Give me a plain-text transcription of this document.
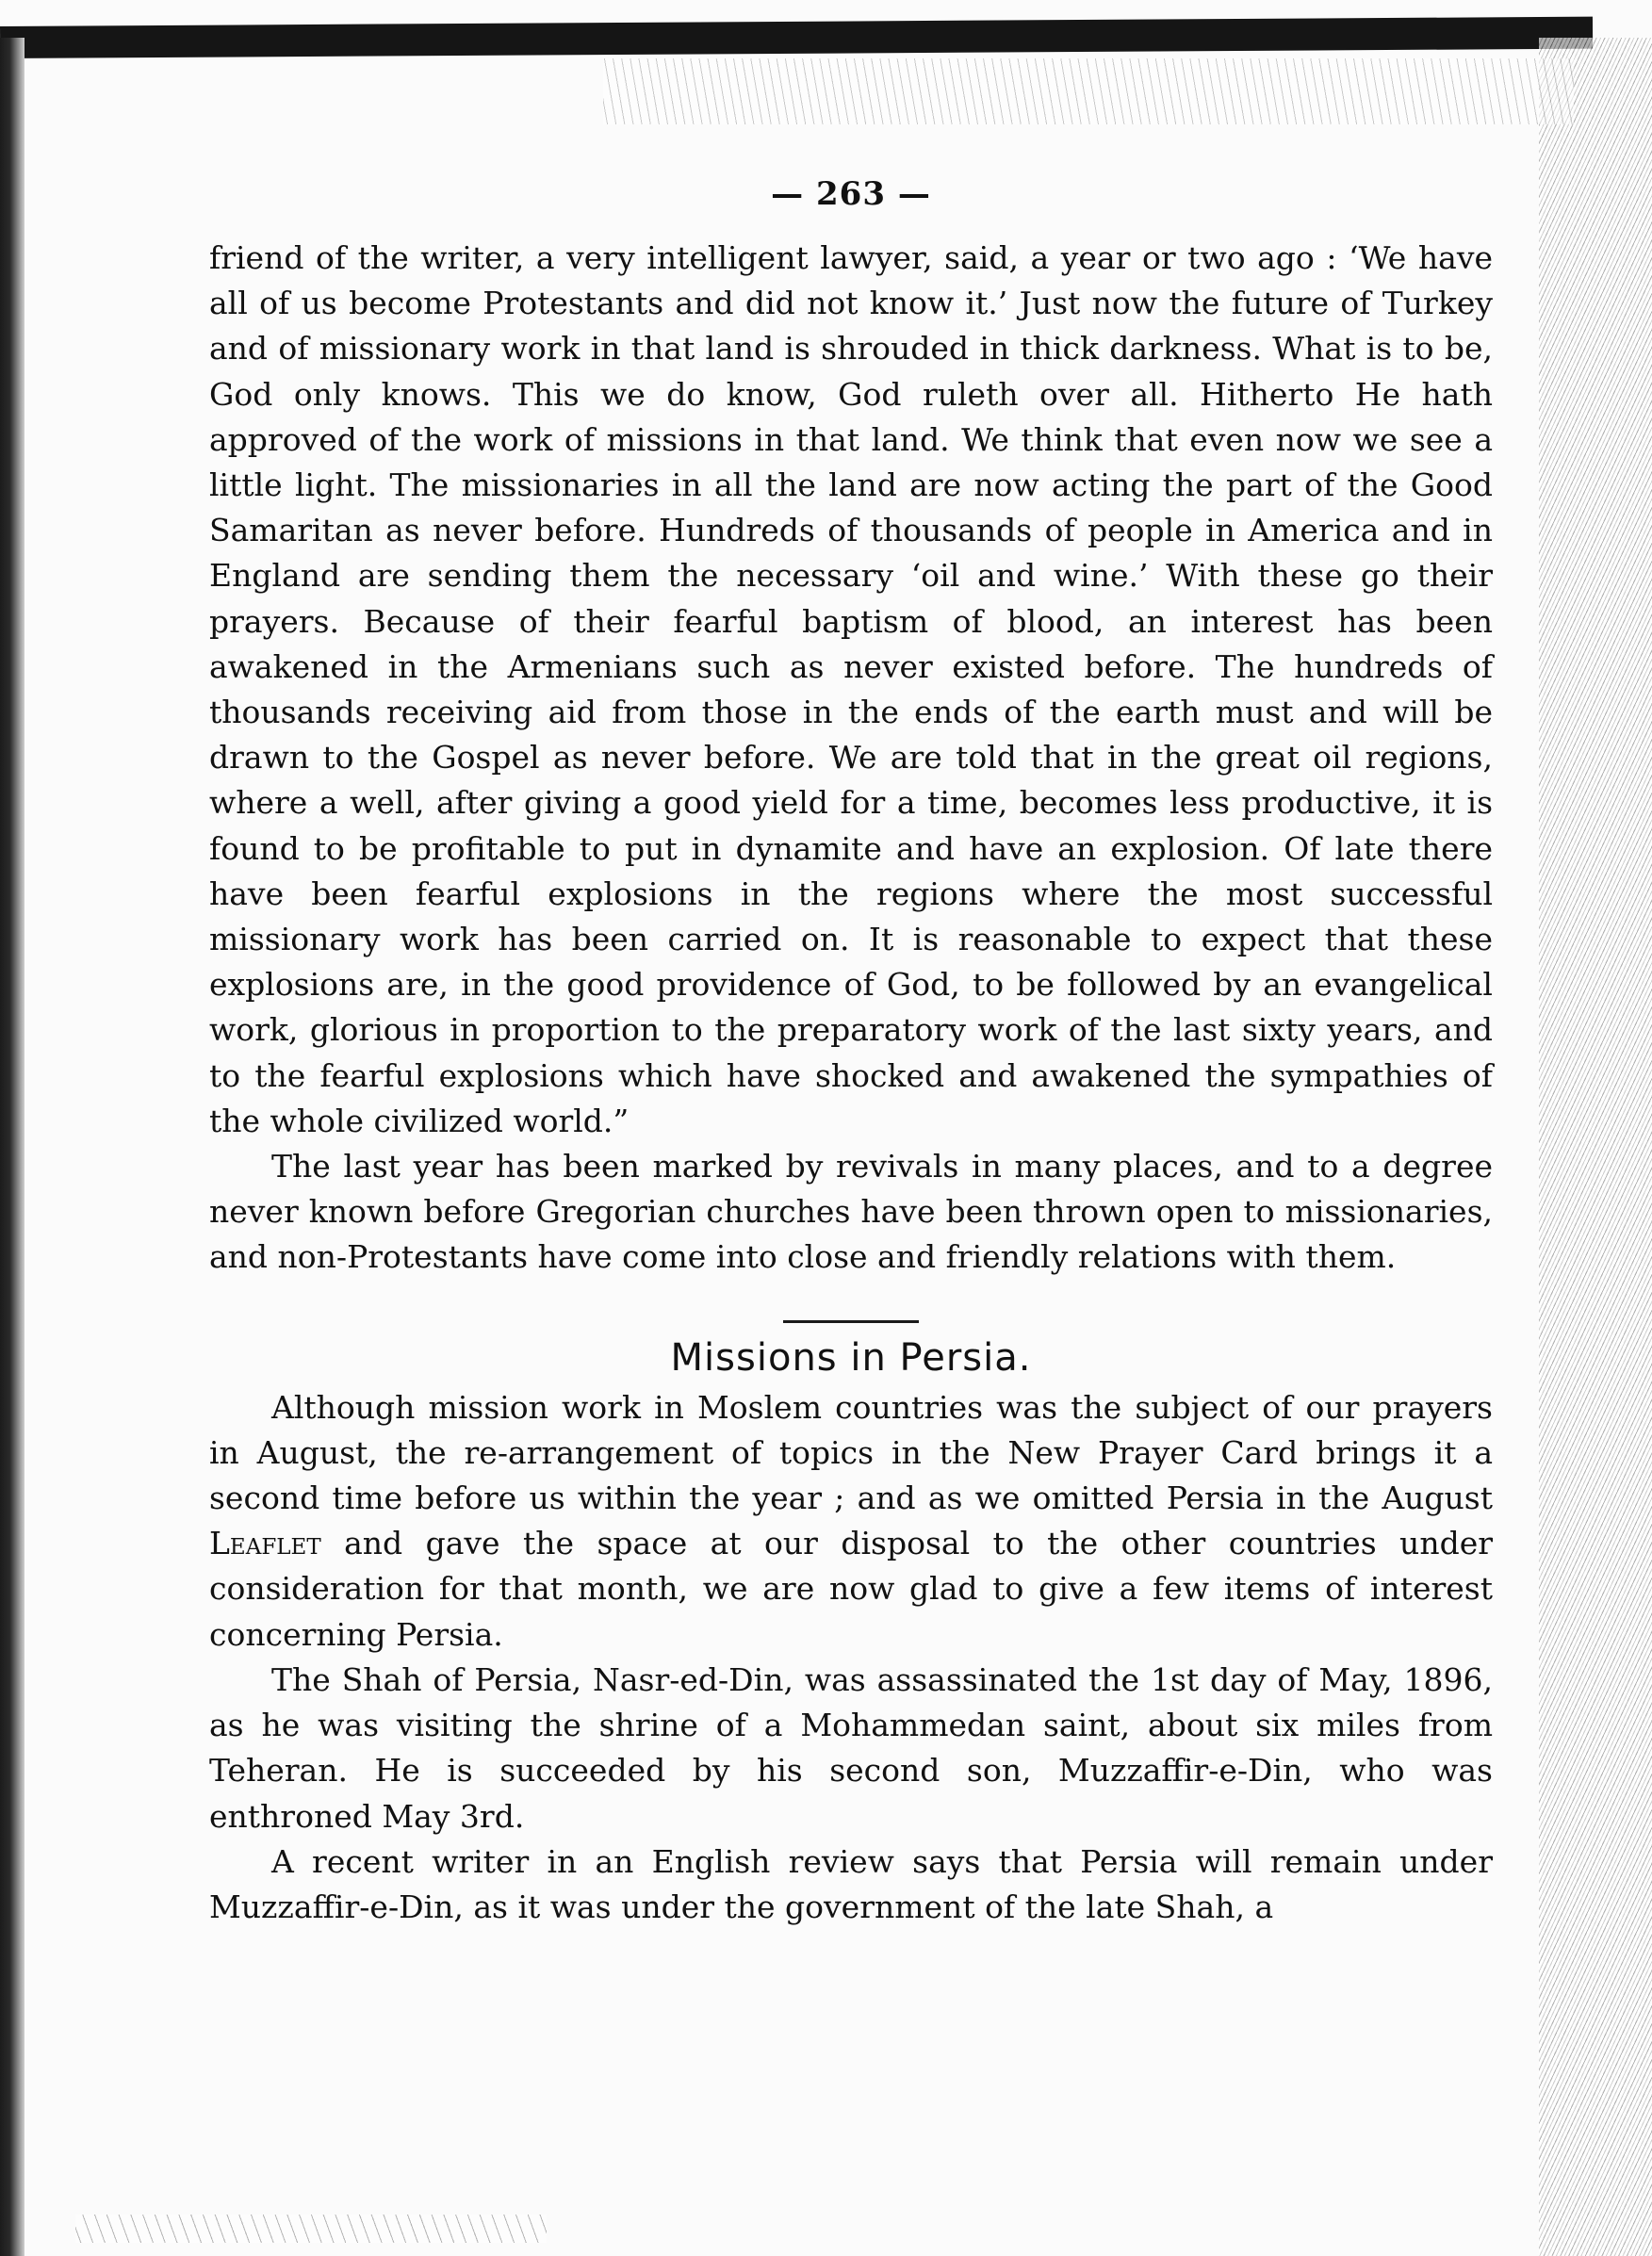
— 263 —

friend of the writer, a very intelligent lawyer, said, a year or two ago : ‘We have all of us become Protestants and did not know it.’ Just now the future of Turkey and of missionary work in that land is shrouded in thick darkness. What is to be, God only knows. This we do know, God ruleth over all. Hitherto He hath approved of the work of missions in that land. We think that even now we see a little light. The missionaries in all the land are now acting the part of the Good Samaritan as never before. Hundreds of thousands of people in America and in England are sending them the necessary ‘oil and wine.’ With these go their prayers. Because of their fearful baptism of blood, an interest has been awakened in the Armenians such as never existed before. The hundreds of thousands receiving aid from those in the ends of the earth must and will be drawn to the Gospel as never before. We are told that in the great oil regions, where a well, after giving a good yield for a time, becomes less productive, it is found to be profitable to put in dynamite and have an explosion. Of late there have been fearful explosions in the regions where the most successful missionary work has been carried on. It is reasonable to expect that these explosions are, in the good providence of God, to be followed by an evangelical work, glorious in proportion to the preparatory work of the last sixty years, and to the fearful explosions which have shocked and awakened the sympathies of the whole civilized world.”

The last year has been marked by revivals in many places, and to a degree never known before Gregorian churches have been thrown open to missionaries, and non-Protestants have come into close and friendly relations with them.

Missions in Persia.

Although mission work in Moslem countries was the subject of our prayers in August, the re-arrangement of topics in the New Prayer Card brings it a second time before us within the year ; and as we omitted Persia in the August Leaflet and gave the space at our disposal to the other countries under consideration for that month, we are now glad to give a few items of interest concerning Persia.

The Shah of Persia, Nasr-ed-Din, was assassinated the 1st day of May, 1896, as he was visiting the shrine of a Mohammedan saint, about six miles from Teheran. He is succeeded by his second son, Muzzaffir-e-Din, who was enthroned May 3rd.

A recent writer in an English review says that Persia will remain under Muzzaffir-e-Din, as it was under the government of the late Shah, a
